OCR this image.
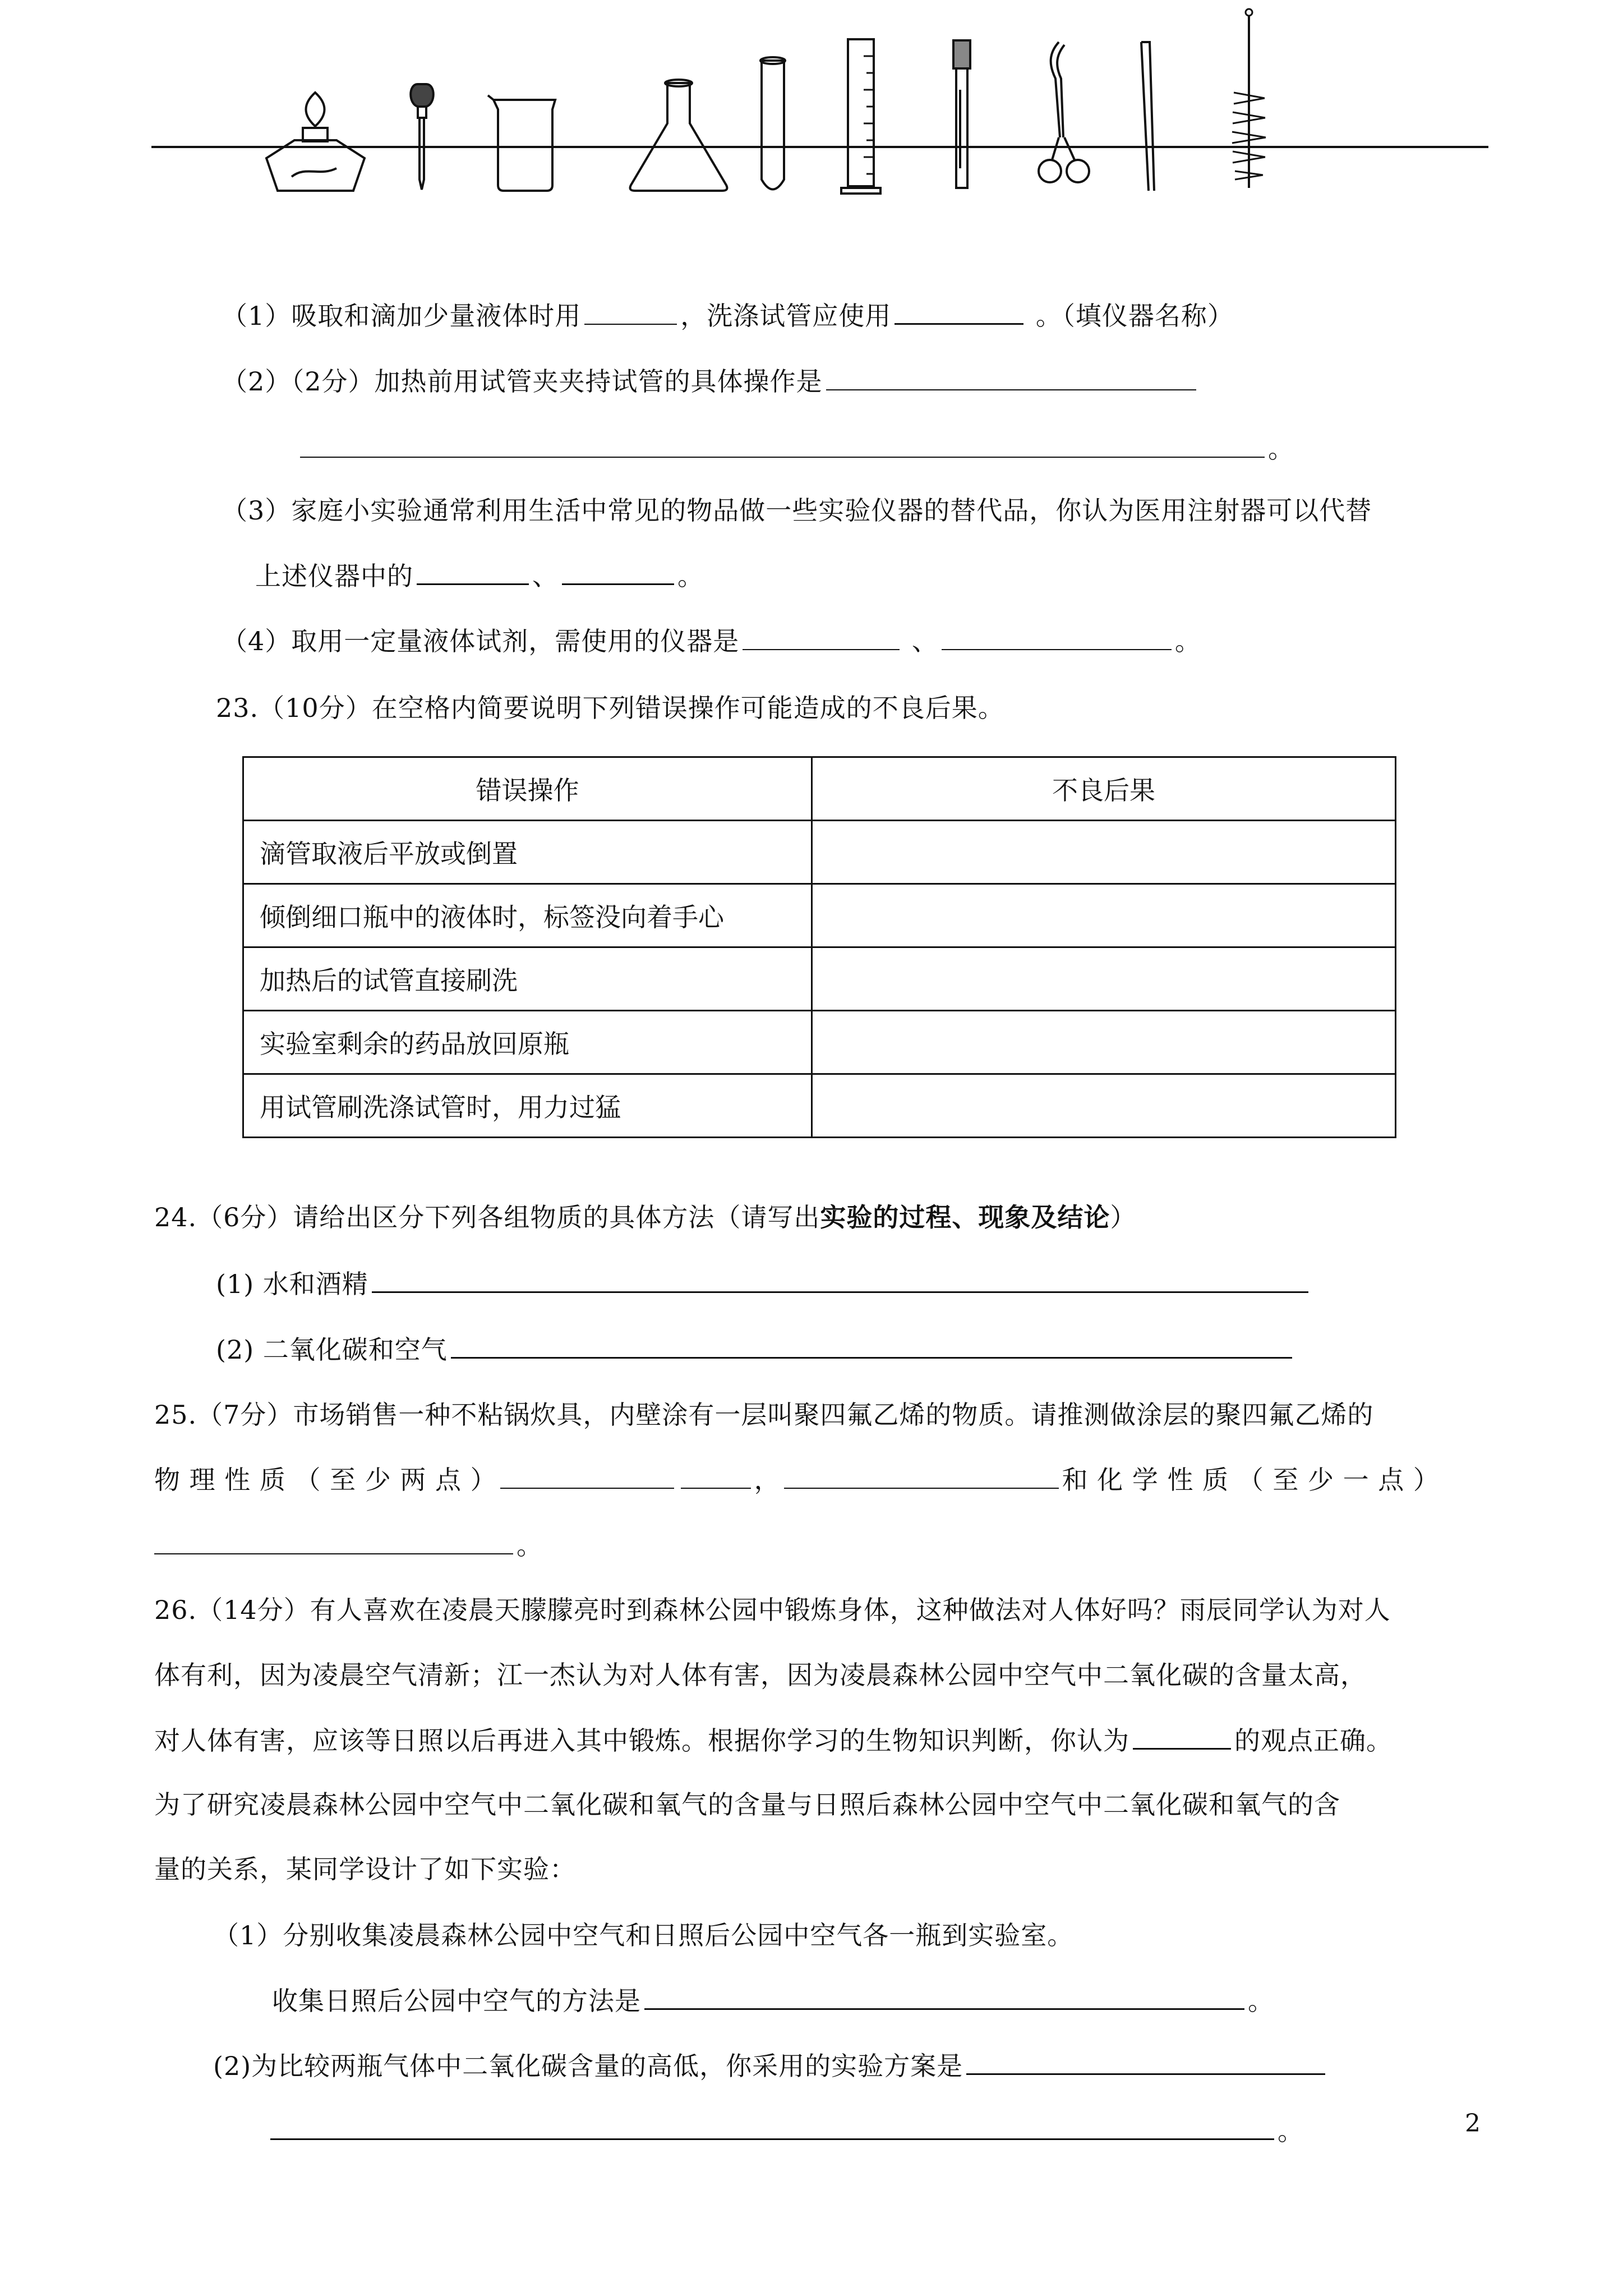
（1）吸取和滴加少量液体时用	，洗涤试管应使用	。（填仪器名称）
（2）（2分）加热前用试管夹夹持试管的具体操作是
。
（3）家庭小实验通常利用生活中常见的物品做一些实验仪器的替代品，你认为医用注射器可以代替
上述仪器中的	、	。
（4）取用一定量液体试剂，需使用的仪器是	、	。
23.（10分）在空格内简要说明下列错误操作可能造成的不良后果。
错误操作	不良后果
滴管取液后平放或倒置	
倾倒细口瓶中的液体时，标签没向着手心	
加热后的试管直接刷洗	
实验室剩余的药品放回原瓶	
用试管刷洗涤试管时，用力过猛	
24.（6分）请给出区分下列各组物质的具体方法（请写出实验的过程、现象及结论）
(1) 水和酒精
(2) 二氧化碳和空气
25.（7分）市场销售一种不粘锅炊具，内壁涂有一层叫聚四氟乙烯的物质。请推测做涂层的聚四氟乙烯的
物 理 性 质 （ 至 少 两 点 ）	，	和 化 学 性 质 （ 至 少 一 点 ）
。
26.（14分）有人喜欢在凌晨天朦朦亮时到森林公园中锻炼身体，这种做法对人体好吗？雨辰同学认为对人
体有利，因为凌晨空气清新；江一杰认为对人体有害，因为凌晨森林公园中空气中二氧化碳的含量太高，
对人体有害，应该等日照以后再进入其中锻炼。根据你学习的生物知识判断，你认为	的观点正确。
为了研究凌晨森林公园中空气中二氧化碳和氧气的含量与日照后森林公园中空气中二氧化碳和氧气的含
量的关系，某同学设计了如下实验：
（1）分别收集凌晨森林公园中空气和日照后公园中空气各一瓶到实验室。
收集日照后公园中空气的方法是	。
(2)为比较两瓶气体中二氧化碳含量的高低，你采用的实验方案是
。	2
